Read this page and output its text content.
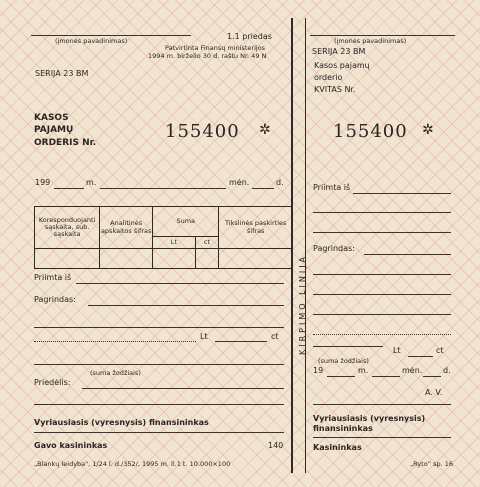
(įmonės pavadinimas)	1.1 priedas
Patvirtinta Finansų ministerijos
1994 m. birželio 30 d. raštu Nr. 49 N
SERIJA 23 BM
KASOS
PAJAMŲ
ORDERIS Nr.
155400 ✲
199	m.	mėn.	d.
Koresponduojanti sąskaita, sub. sąskaita	Analitinės apskaitos šifras	Suma		Tikslinės paskirties šifras
		Lt	ct	

Priimta iš
Pagrindas:
Lt	ct
(suma žodžiais)
Priedėlis:
Vyriausiasis (vyresnysis) finansininkas
Gavo kasininkas	140
„Blankų leidyba", 1/24 l. d./352/, 1995 m. ll.1 t. 10.000×100
KIRPIMO LINIJA
(įmonės pavadinimas)
SERIJA 23 BM
Kasos pajamų
orderio
KVITAS Nr.
155400 ✲
Priimta iš
Pagrindas:
Lt	ct
(suma žodžiais)
19	m.	mėn.	d.
A. V.
Vyriausiasis (vyresnysis)
finansininkas
Kasininkas
„Rytoˮ sp. 16
